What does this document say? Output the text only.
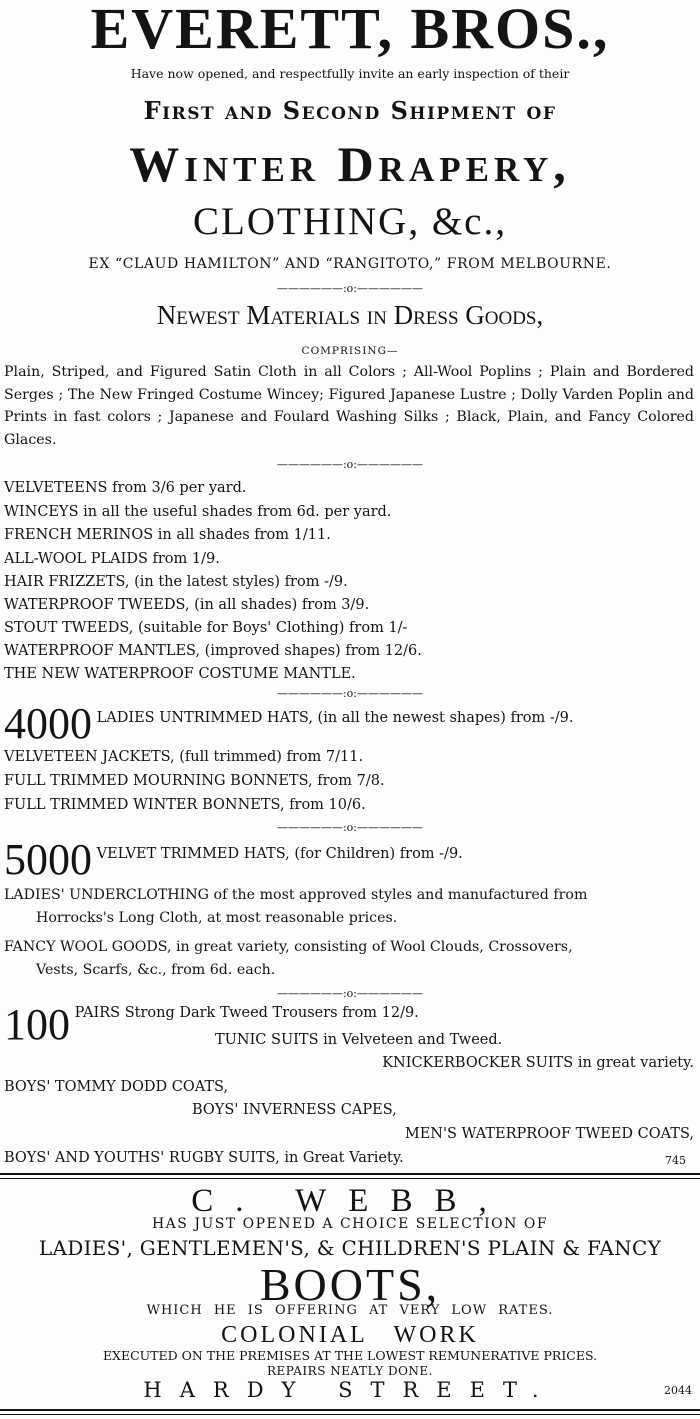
EVERETT, BROS.,
Have now opened, and respectfully invite an early inspection of their
First and Second Shipment of
Winter Drapery,
CLOTHING, &c.,
EX “CLAUD HAMILTON” AND “RANGITOTO,” FROM MELBOURNE.
——————:o:——————
Newest Materials in Dress Goods,
COMPRISING—
Plain, Striped, and Figured Satin Cloth in all Colors ; All-Wool Poplins ; Plain and Bordered Serges ; The New Fringed Costume Wincey; Figured Japanese Lustre ; Dolly Varden Poplin and Prints in fast colors ; Japanese and Foulard Washing Silks ; Black, Plain, and Fancy Colored Glaces.
——————:o:——————
VELVETEENS from 3/6 per yard.
WINCEYS in all the useful shades from 6d. per yard.
FRENCH MERINOS in all shades from 1/11.
ALL-WOOL PLAIDS from 1/9.
HAIR FRIZZETS, (in the latest styles) from -/9.
WATERPROOF TWEEDS, (in all shades) from 3/9.
STOUT TWEEDS, (suitable for Boys' Clothing) from 1/-
WATERPROOF MANTLES, (improved shapes) from 12/6.
THE NEW WATERPROOF COSTUME MANTLE.
——————:o:——————
4000 LADIES UNTRIMMED HATS, (in all the newest shapes) from -/9.
VELVETEEN JACKETS, (full trimmed) from 7/11.
FULL TRIMMED MOURNING BONNETS, from 7/8.
FULL TRIMMED WINTER BONNETS, from 10/6.
——————:o:——————
5000 VELVET TRIMMED HATS, (for Children) from -/9.
LADIES' UNDERCLOTHING of the most approved styles and manufactured from
Horrocks's Long Cloth, at most reasonable prices.
FANCY WOOL GOODS, in great variety, consisting of Wool Clouds, Crossovers,
Vests, Scarfs, &c., from 6d. each.
——————:o:——————
100 PAIRS Strong Dark Tweed Trousers from 12/9.
TUNIC SUITS in Velveteen and Tweed.
KNICKERBOCKER SUITS in great variety.
BOYS' TOMMY DODD COATS,
BOYS' INVERNESS CAPES,
MEN'S WATERPROOF TWEED COATS,
BOYS' AND YOUTHS' RUGBY SUITS, in Great Variety.	745
C. WEBB,
HAS JUST OPENED A CHOICE SELECTION OF
LADIES', GENTLEMEN'S, & CHILDREN'S PLAIN & FANCY
BOOTS,
WHICH HE IS OFFERING AT VERY LOW RATES.
COLONIAL WORK
EXECUTED ON THE PREMISES AT THE LOWEST REMUNERATIVE PRICES.
REPAIRS NEATLY DONE.
HARDY STREET.	2044
